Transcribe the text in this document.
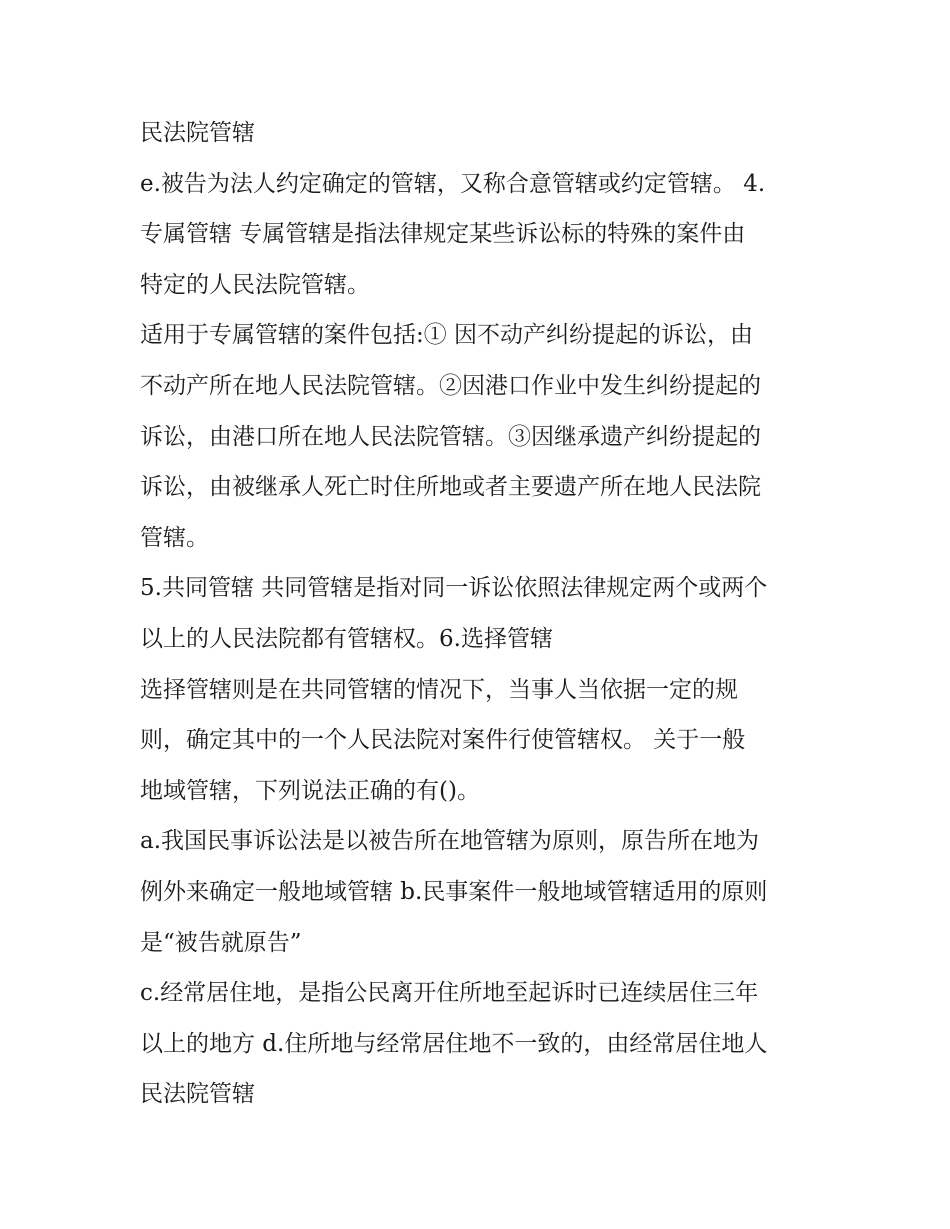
民法院管辖
e.被告为法人约定确定的管辖，又称合意管辖或约定管辖。 4.
专属管辖 专属管辖是指法律规定某些诉讼标的特殊的案件由
特定的人民法院管辖。
适用于专属管辖的案件包括:① 因不动产纠纷提起的诉讼，由
不动产所在地人民法院管辖。②因港口作业中发生纠纷提起的
诉讼，由港口所在地人民法院管辖。③因继承遗产纠纷提起的
诉讼，由被继承人死亡时住所地或者主要遗产所在地人民法院
管辖。
5.共同管辖 共同管辖是指对同一诉讼依照法律规定两个或两个
以上的人民法院都有管辖权。6.选择管辖
选择管辖则是在共同管辖的情况下，当事人当依据一定的规
则，确定其中的一个人民法院对案件行使管辖权。 关于一般
地域管辖，下列说法正确的有()。
a.我国民事诉讼法是以被告所在地管辖为原则，原告所在地为
例外来确定一般地域管辖 b.民事案件一般地域管辖适用的原则
是“被告就原告”
c.经常居住地，是指公民离开住所地至起诉时已连续居住三年
以上的地方 d.住所地与经常居住地不一致的，由经常居住地人
民法院管辖
